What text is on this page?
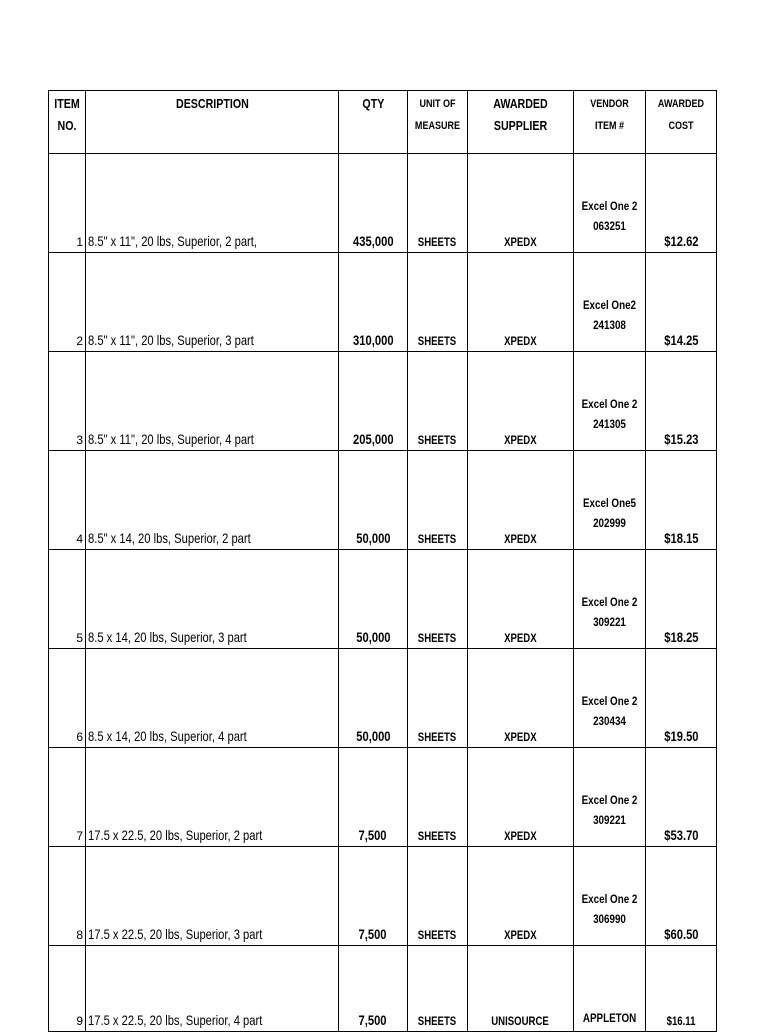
ITEM NO.	DESCRIPTION	QTY	UNIT OF MEASURE	AWARDED SUPPLIER	VENDOR ITEM #	AWARDED COST
1	8.5" x 11", 20 lbs, Superior, 2 part,	435,000	SHEETS	XPEDX	Excel One 2063251	$12.62
2	8.5" x 11", 20 lbs, Superior, 3 part	310,000	SHEETS	XPEDX	Excel One2241308	$14.25
3	8.5" x 11", 20 lbs, Superior, 4 part	205,000	SHEETS	XPEDX	Excel One 2241305	$15.23
4	8.5" x 14, 20 lbs, Superior, 2 part	50,000	SHEETS	XPEDX	Excel One5202999	$18.15
5	8.5 x 14, 20 lbs, Superior, 3 part	50,000	SHEETS	XPEDX	Excel One 2309221	$18.25
6	8.5 x 14, 20 lbs, Superior, 4 part	50,000	SHEETS	XPEDX	Excel One 2230434	$19.50
7	17.5 x 22.5, 20 lbs, Superior, 2 part	7,500	SHEETS	XPEDX	Excel One 2309221	$53.70
8	17.5 x 22.5, 20 lbs, Superior, 3 part	7,500	SHEETS	XPEDX	Excel One 2306990	$60.50
9	17.5 x 22.5, 20 lbs, Superior, 4 part	7,500	SHEETS	UNISOURCE	APPLETON	$16.11
